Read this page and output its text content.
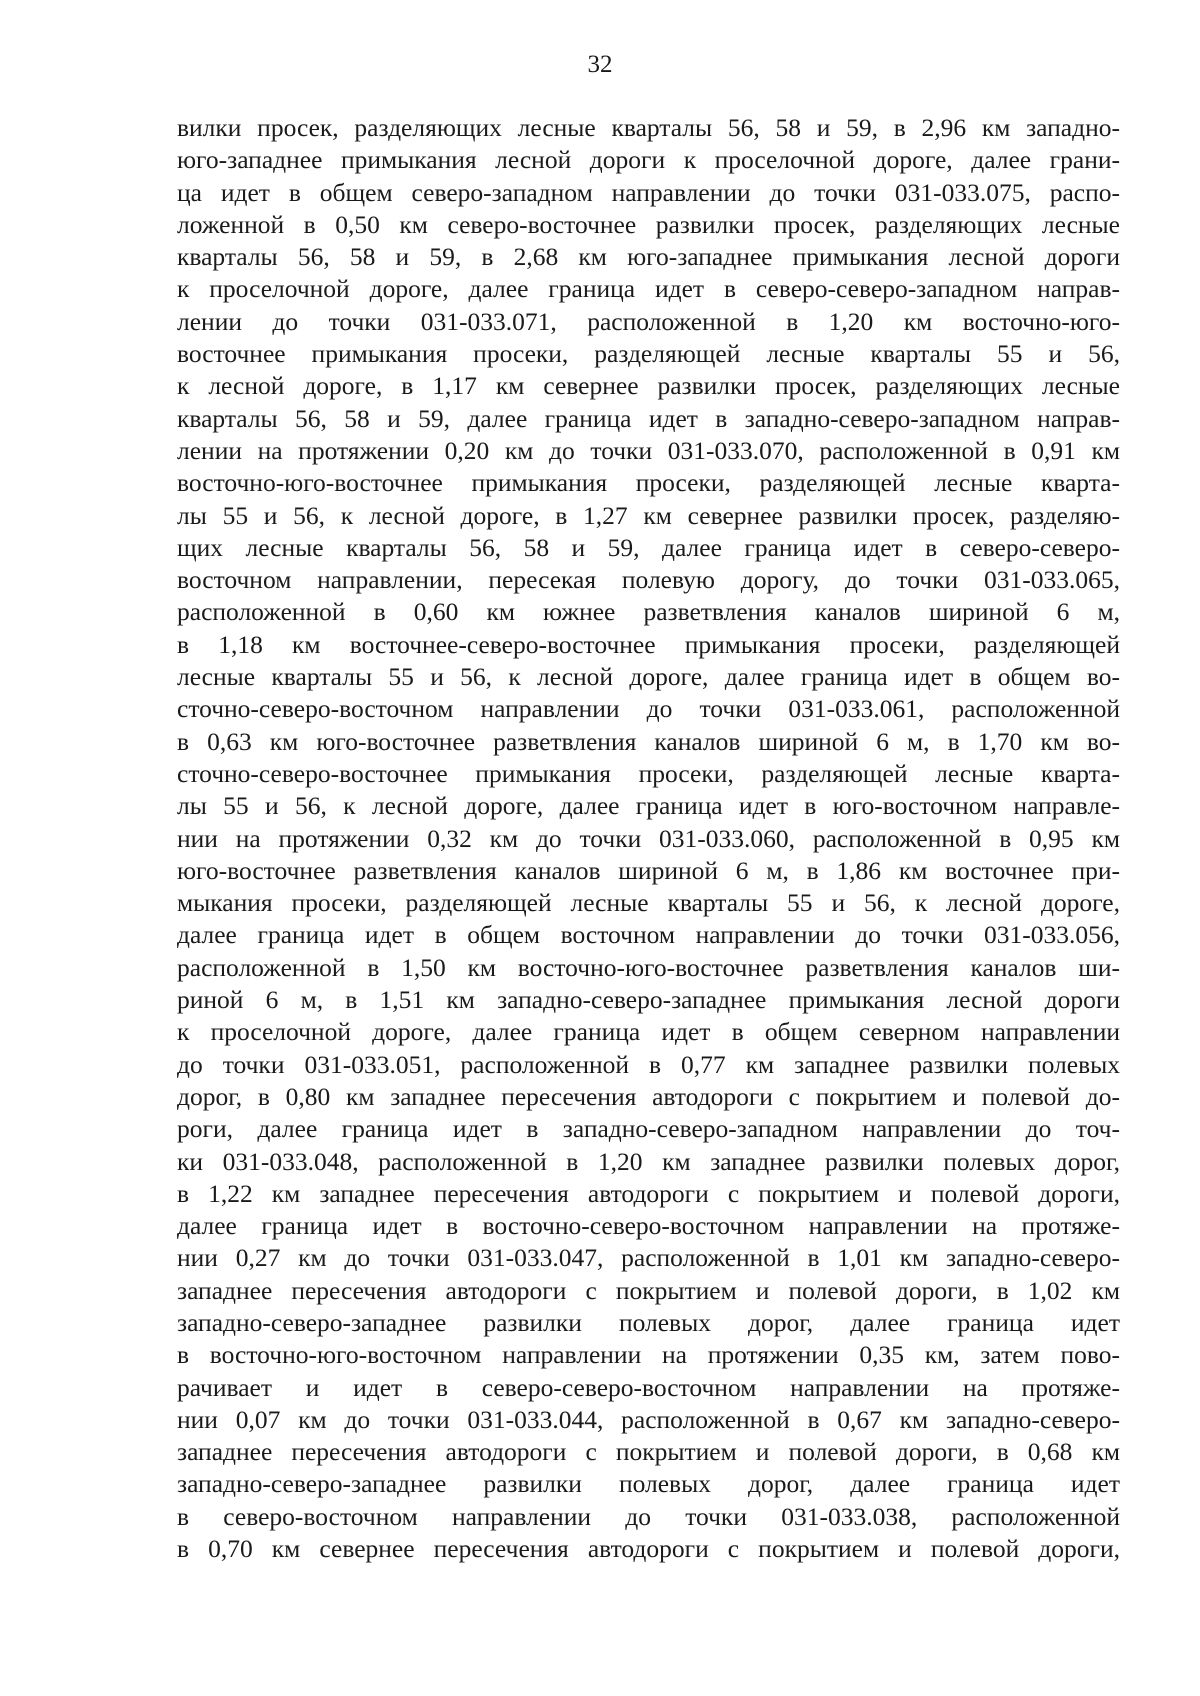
32
вилки просек, разделяющих лесные кварталы 56, 58 и 59, в 2,96 км западно-
юго-западнее примыкания лесной дороги к проселочной дороге, далее грани-
ца идет в общем северо-западном направлении до точки 031-033.075, распо-
ложенной в 0,50 км северо-восточнее развилки просек, разделяющих лесные
кварталы 56, 58 и 59, в 2,68 км юго-западнее примыкания лесной дороги
к проселочной дороге, далее граница идет в северо-северо-западном направ-
лении до точки 031-033.071, расположенной в 1,20 км восточно-юго-
восточнее примыкания просеки, разделяющей лесные кварталы 55 и 56,
к лесной дороге, в 1,17 км севернее развилки просек, разделяющих лесные
кварталы 56, 58 и 59, далее граница идет в западно-северо-западном направ-
лении на протяжении 0,20 км до точки 031-033.070, расположенной в 0,91 км
восточно-юго-восточнее примыкания просеки, разделяющей лесные кварта-
лы 55 и 56, к лесной дороге, в 1,27 км севернее развилки просек, разделяю-
щих лесные кварталы 56, 58 и 59, далее граница идет в северо-северо-
восточном направлении, пересекая полевую дорогу, до точки 031-033.065,
расположенной в 0,60 км южнее разветвления каналов шириной 6 м,
в 1,18 км восточнее-северо-восточнее примыкания просеки, разделяющей
лесные кварталы 55 и 56, к лесной дороге, далее граница идет в общем во-
сточно-северо-восточном направлении до точки 031-033.061, расположенной
в 0,63 км юго-восточнее разветвления каналов шириной 6 м, в 1,70 км во-
сточно-северо-восточнее примыкания просеки, разделяющей лесные кварта-
лы 55 и 56, к лесной дороге, далее граница идет в юго-восточном направле-
нии на протяжении 0,32 км до точки 031-033.060, расположенной в 0,95 км
юго-восточнее разветвления каналов шириной 6 м, в 1,86 км восточнее при-
мыкания просеки, разделяющей лесные кварталы 55 и 56, к лесной дороге,
далее граница идет в общем восточном направлении до точки 031-033.056,
расположенной в 1,50 км восточно-юго-восточнее разветвления каналов ши-
риной 6 м, в 1,51 км западно-северо-западнее примыкания лесной дороги
к проселочной дороге, далее граница идет в общем северном направлении
до точки 031-033.051, расположенной в 0,77 км западнее развилки полевых
дорог, в 0,80 км западнее пересечения автодороги с покрытием и полевой до-
роги, далее граница идет в западно-северо-западном направлении до точ-
ки 031-033.048, расположенной в 1,20 км западнее развилки полевых дорог,
в 1,22 км западнее пересечения автодороги с покрытием и полевой дороги,
далее граница идет в восточно-северо-восточном направлении на протяже-
нии 0,27 км до точки 031-033.047, расположенной в 1,01 км западно-северо-
западнее пересечения автодороги с покрытием и полевой дороги, в 1,02 км
западно-северо-западнее развилки полевых дорог, далее граница идет
в восточно-юго-восточном направлении на протяжении 0,35 км, затем пово-
рачивает и идет в северо-северо-восточном направлении на протяже-
нии 0,07 км до точки 031-033.044, расположенной в 0,67 км западно-северо-
западнее пересечения автодороги с покрытием и полевой дороги, в 0,68 км
западно-северо-западнее развилки полевых дорог, далее граница идет
в северо-восточном направлении до точки 031-033.038, расположенной
в 0,70 км севернее пересечения автодороги с покрытием и полевой дороги,
